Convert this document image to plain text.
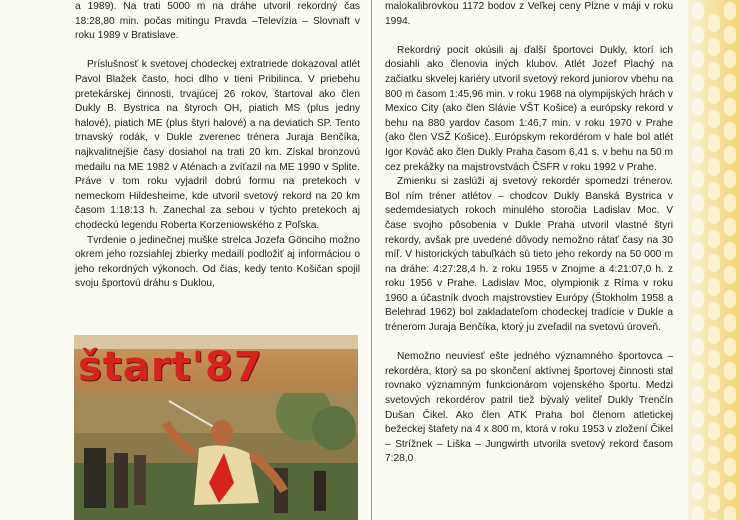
a 1989). Na trati 5000 m na dráhe utvoril rekordný čas 18:28,80 min. počas mitingu Pravda –Televízia – Slovnaft v roku 1989 v Bratislave.

Príslušnosť k svetovej chodeckej extratriede dokazoval atlét Pavol Blažek často, hoci dlho v tieni Pribilinca. V priebehu pretekárskej činnosti, trvajúcej 26 rokov, štartoval ako člen Dukly B. Bystrica na štyroch OH, piatich MS (plus jedny halové), piatich ME (plus štyri halové) a na deviatich SP. Tento trnavský rodák, v Dukle zverenec trénera Juraja Benčíka, najkvalitnejšie časy dosiahol na trati 20 km. Získal bronzovú medailu na ME 1982 v Aténach a zvíťazil na ME 1990 v Splite. Práve v tom roku vyjadril dobrú formu na pretekoch v nemeckom Hildesheime, kde utvoril svetový rekord na 20 km časom 1:18:13 h. Zanechal za sebou v týchto pretekoch aj chodeckú legendu Roberta Korzeniowského z Poľska.

Tvrdenie o jedinečnej muške strelca Jozefa Gönciho možno okrem jeho rozsiahlej zbierky medailí podložiť aj informáciou o jeho rekordných výkonoch. Od čias, kedy tento Košičan spojil svoju športovú dráhu s Duklou,

štart'87

malokalibrovkou 1172 bodov z Veľkej ceny Plzne v máji v roku 1994.

Rekordný pocit okúsili aj ďalší športovci Dukly, ktorí ich dosiahli ako členovia iných klubov. Atlét Jozef Plachý na začiatku skvelej kariéry utvoril svetový rekord juniorov vbehu na 800 m časom 1:45,96 min. v roku 1968 na olympijských hrách v Mexico City (ako člen Slávie VŠT Košice) a európsky rekord v behu na 880 yardov časom 1:46,7 min. v roku 1970 v Prahe (ako člen VSŽ Košice). Európskym rekordérom v hale bol atlét Igor Kováč ako člen Dukly Praha časom 6,41 s. v behu na 50 m cez prekážky na majstrovstvách ČSFR v roku 1992 v Prahe.

Zmienku si zaslúži aj svetový rekordér spomedzi trénerov. Bol ním tréner atlétov – chodcov Dukly Banská Bystrica v sedemdesiatych rokoch minulého storočia Ladislav Moc. V čase svojho pôsobenia v Dukle Praha utvoril vlastné štyri rekordy, avšak pre uvedené dôvody nemožno rátať časy na 30 míľ. V historických tabuľkách sú tieto jeho rekordy na 50 000 m na dráhe: 4:27:28,4 h. z roku 1955 v Znojme a 4:21:07,0 h. z roku 1956 v Prahe. Ladislav Moc, olympionik z Ríma v roku 1960 a účastník dvoch majstrovstiev Európy (Štokholm 1958 a Belehrad 1962) bol zakladateľom chodeckej tradície v Dukle a trénerom Juraja Benčíka, ktorý ju zveľadil na svetovú úroveň.

Nemožno neuviesť ešte jedného významného športovca – rekordéra, ktorý sa po skončení aktívnej športovej činnosti stal rovnako významným funkcionárom vojenského športu. Medzi svetových rekordérov patril tiež bývalý veliteľ Dukly Trenčín Dušan Čikel. Ako člen ATK Praha bol členom atletickej bežeckej štafety na 4 x 800 m, ktorá v roku 1953 v zložení Čikel – Strížnek – Liška – Jungwirth utvorila svetový rekord časom 7:28,0
